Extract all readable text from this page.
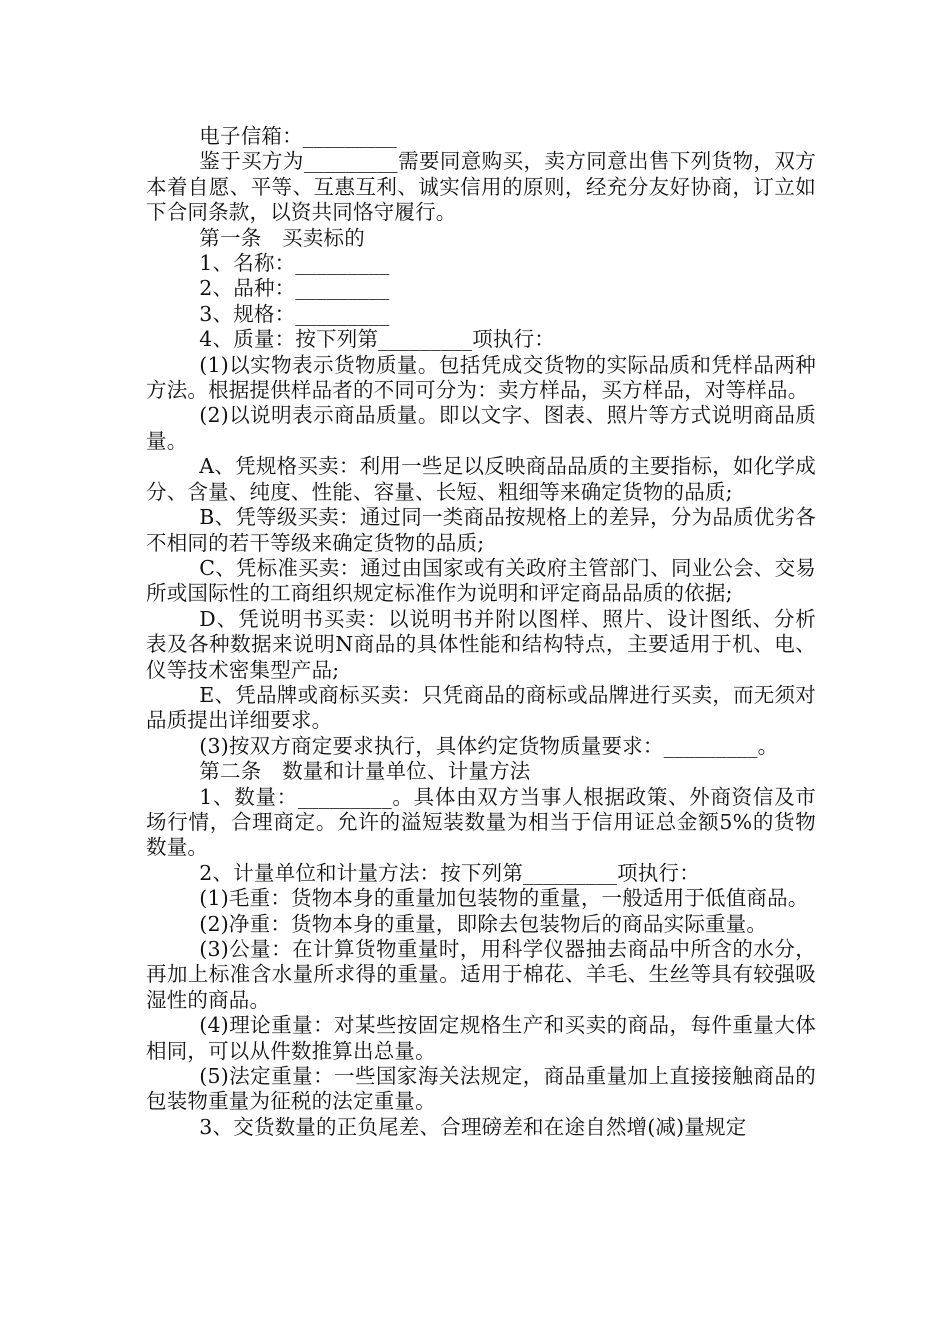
电子信箱：_________

鉴于买方为_________需要同意购买，卖方同意出售下列货物，双方本着自愿、平等、互惠互利、诚实信用的原则，经充分友好协商，订立如下合同条款，以资共同恪守履行。

第一条　买卖标的

1、名称：_________

2、品种：_________

3、规格：_________

4、质量：按下列第_________项执行：

(1)以实物表示货物质量。包括凭成交货物的实际品质和凭样品两种方法。根据提供样品者的不同可分为：卖方样品，买方样品，对等样品。

(2)以说明表示商品质量。即以文字、图表、照片等方式说明商品质量。

A、凭规格买卖：利用一些足以反映商品品质的主要指标，如化学成分、含量、纯度、性能、容量、长短、粗细等来确定货物的品质;

B、凭等级买卖：通过同一类商品按规格上的差异，分为品质优劣各不相同的若干等级来确定货物的品质;

C、凭标准买卖：通过由国家或有关政府主管部门、同业公会、交易所或国际性的工商组织规定标准作为说明和评定商品品质的依据;

D、凭说明书买卖：以说明书并附以图样、照片、设计图纸、分析表及各种数据来说明N商品的具体性能和结构特点，主要适用于机、电、仪等技术密集型产品;

E、凭品牌或商标买卖：只凭商品的商标或品牌进行买卖，而无须对品质提出详细要求。

(3)按双方商定要求执行，具体约定货物质量要求：_________。

第二条　数量和计量单位、计量方法

1、数量：_________。具体由双方当事人根据政策、外商资信及市场行情，合理商定。允许的溢短装数量为相当于信用证总金额5%的货物数量。

2、计量单位和计量方法：按下列第_________项执行：

(1)毛重：货物本身的重量加包装物的重量，一般适用于低值商品。

(2)净重：货物本身的重量，即除去包装物后的商品实际重量。

(3)公量：在计算货物重量时，用科学仪器抽去商品中所含的水分，再加上标准含水量所求得的重量。适用于棉花、羊毛、生丝等具有较强吸湿性的商品。

(4)理论重量：对某些按固定规格生产和买卖的商品，每件重量大体相同，可以从件数推算出总量。

(5)法定重量：一些国家海关法规定，商品重量加上直接接触商品的包装物重量为征税的法定重量。

3、交货数量的正负尾差、合理磅差和在途自然增(减)量规定
